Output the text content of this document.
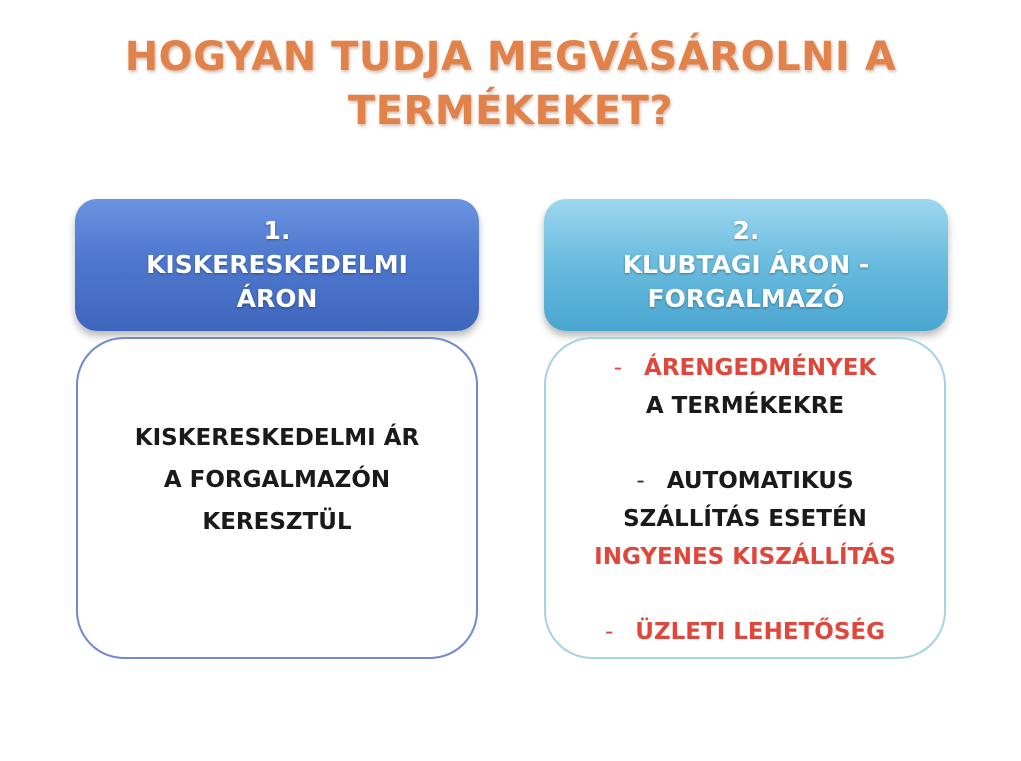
HOGYAN TUDJA MEGVÁSÁROLNI A
TERMÉKEKET?
1.
KISKERESKEDELMI
ÁRON
KISKERESKEDELMI ÁR
A FORGALMAZÓN
KERESZTÜL
2.
KLUBTAGI ÁRON -
FORGALMAZÓ
- ÁRENGEDMÉNYEK
A TERMÉKEKRE
- AUTOMATIKUS
SZÁLLÍTÁS ESETÉN
INGYENES KISZÁLLÍTÁS
- ÜZLETI LEHETŐSÉG
